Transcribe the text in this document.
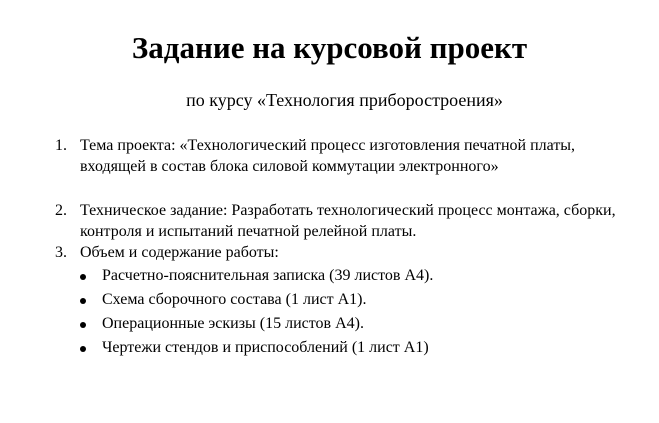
Задание на курсовой проект

по курсу «Технология приборостроения»

1. Тема проекта: «Технологический процесс изготовления печатной платы, входящей в состав блока силовой коммутации электронного»
2. Техническое задание: Разработать технологический процесс монтажа, сборки, контроля и испытаний печатной релейной платы.
3. Объем и содержание работы:
Расчетно-пояснительная записка (39 листов А4).
Схема сборочного состава (1 лист А1).
Операционные эскизы (15 листов А4).
Чертежи стендов и приспособлений (1 лист А1)
